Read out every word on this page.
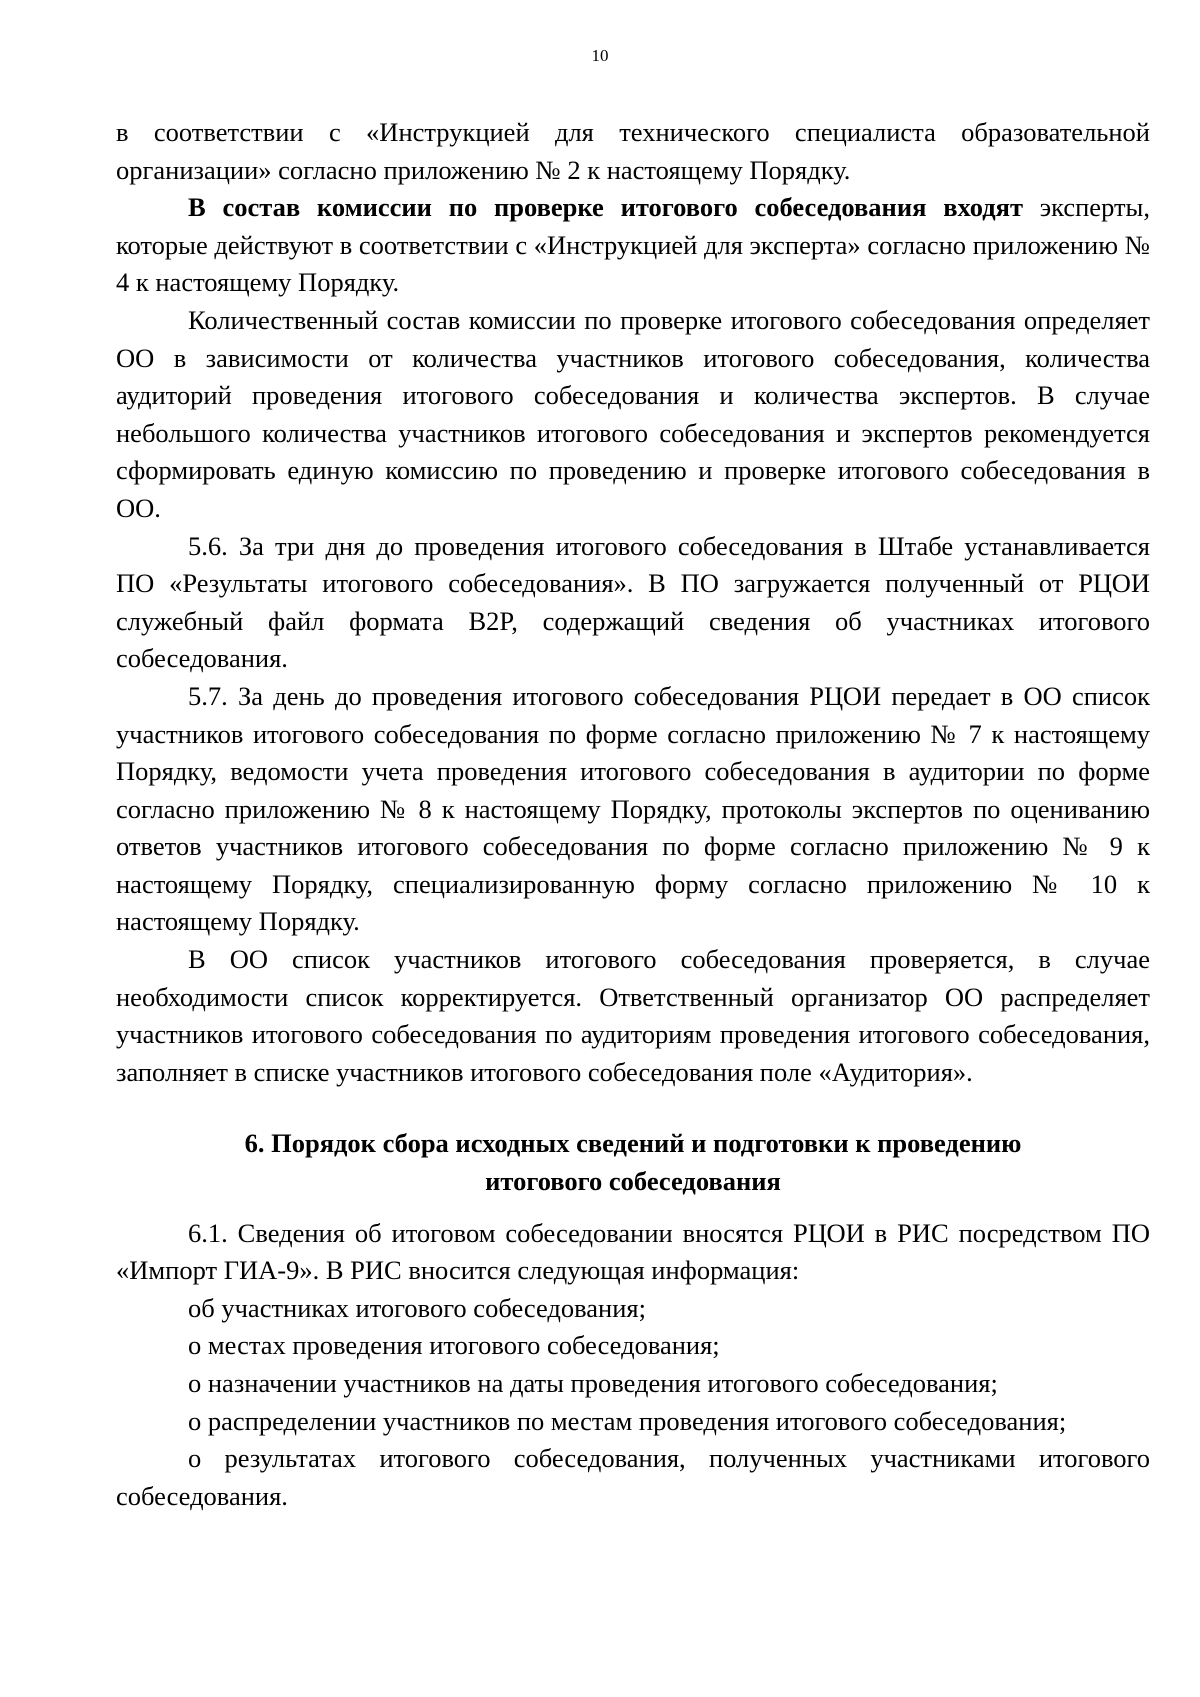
10

в соответствии с «Инструкцией для технического специалиста образовательной организации» согласно приложению № 2 к настоящему Порядку.

В состав комиссии по проверке итогового собеседования входят эксперты, которые действуют в соответствии с «Инструкцией для эксперта» согласно приложению № 4 к настоящему Порядку.

Количественный состав комиссии по проверке итогового собеседования определяет ОО в зависимости от количества участников итогового собеседования, количества аудиторий проведения итогового собеседования и количества экспертов. В случае небольшого количества участников итогового собеседования и экспертов рекомендуется сформировать единую комиссию по проведению и проверке итогового собеседования в ОО.

5.6. За три дня до проведения итогового собеседования в Штабе устанавливается ПО «Результаты итогового собеседования». В ПО загружается полученный от РЦОИ служебный файл формата B2P, содержащий сведения об участниках итогового собеседования.

5.7. За день до проведения итогового собеседования РЦОИ передает в ОО список участников итогового собеседования по форме согласно приложению № 7 к настоящему Порядку, ведомости учета проведения итогового собеседования в аудитории по форме согласно приложению № 8 к настоящему Порядку, протоколы экспертов по оцениванию ответов участников итогового собеседования по форме согласно приложению № 9 к настоящему Порядку, специализированную форму согласно приложению № 10 к настоящему Порядку.

В ОО список участников итогового собеседования проверяется, в случае необходимости список корректируется. Ответственный организатор ОО распределяет участников итогового собеседования по аудиториям проведения итогового собеседования, заполняет в списке участников итогового собеседования поле «Аудитория».

6. Порядок сбора исходных сведений и подготовки к проведению
итогового собеседования

6.1. Сведения об итоговом собеседовании вносятся РЦОИ в РИС посредством ПО «Импорт ГИА-9». В РИС вносится следующая информация:

об участниках итогового собеседования;

о местах проведения итогового собеседования;

о назначении участников на даты проведения итогового собеседования;

о распределении участников по местам проведения итогового собеседования;

о результатах итогового собеседования, полученных участниками итогового собеседования.
